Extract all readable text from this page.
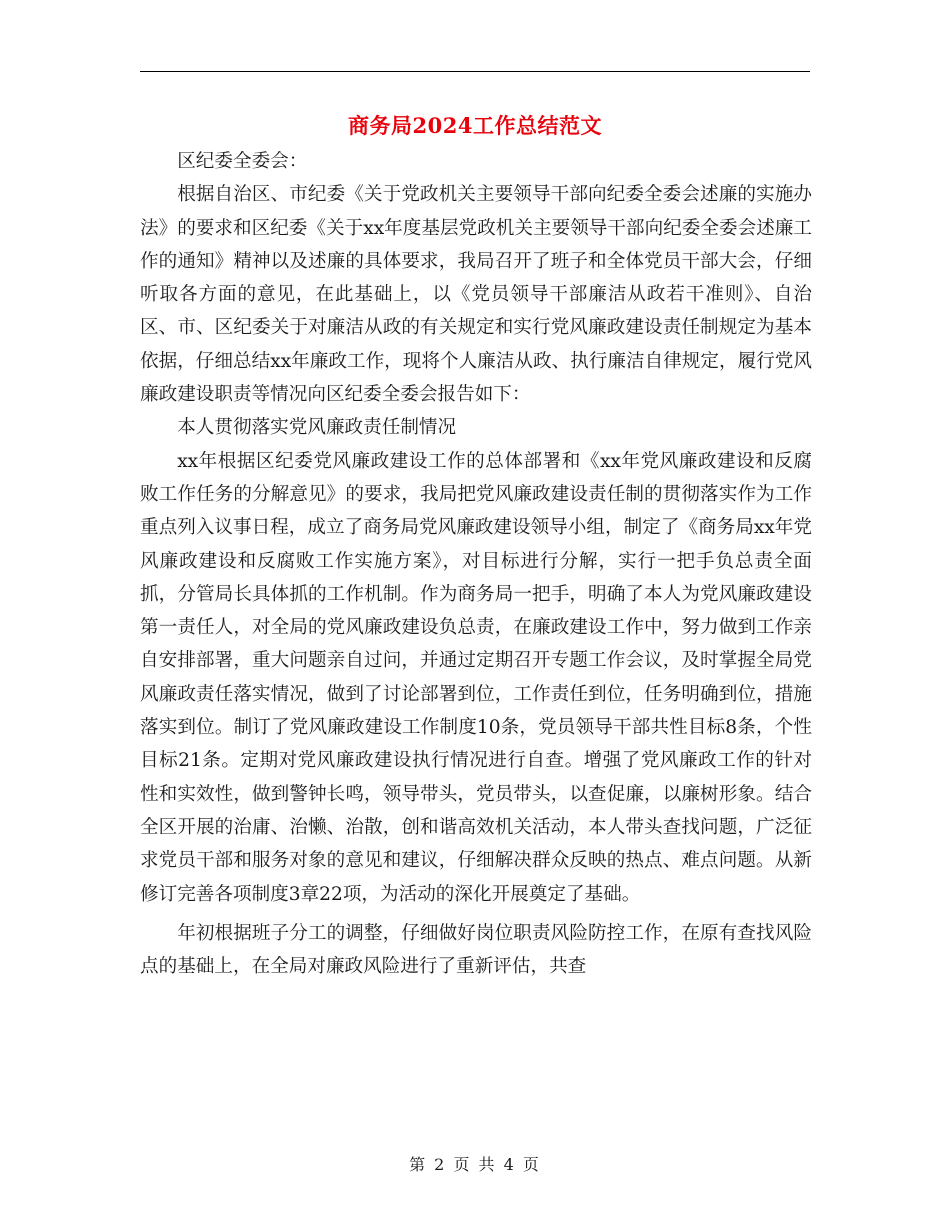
商务局2024工作总结范文

区纪委全委会：

根据自治区、市纪委《关于党政机关主要领导干部向纪委全委会述廉的实施办法》的要求和区纪委《关于xx年度基层党政机关主要领导干部向纪委全委会述廉工作的通知》精神以及述廉的具体要求，我局召开了班子和全体党员干部大会，仔细听取各方面的意见，在此基础上，以《党员领导干部廉洁从政若干准则》、自治区、市、区纪委关于对廉洁从政的有关规定和实行党风廉政建设责任制规定为基本依据，仔细总结xx年廉政工作，现将个人廉洁从政、执行廉洁自律规定，履行党风廉政建设职责等情况向区纪委全委会报告如下：

本人贯彻落实党风廉政责任制情况

xx年根据区纪委党风廉政建设工作的总体部署和《xx年党风廉政建设和反腐败工作任务的分解意见》的要求，我局把党风廉政建设责任制的贯彻落实作为工作重点列入议事日程，成立了商务局党风廉政建设领导小组，制定了《商务局xx年党风廉政建设和反腐败工作实施方案》，对目标进行分解，实行一把手负总责全面抓，分管局长具体抓的工作机制。作为商务局一把手，明确了本人为党风廉政建设第一责任人，对全局的党风廉政建设负总责，在廉政建设工作中，努力做到工作亲自安排部署，重大问题亲自过问，并通过定期召开专题工作会议，及时掌握全局党风廉政责任落实情况，做到了讨论部署到位，工作责任到位，任务明确到位，措施落实到位。制订了党风廉政建设工作制度10条，党员领导干部共性目标8条，个性目标21条。定期对党风廉政建设执行情况进行自查。增强了党风廉政工作的针对性和实效性，做到警钟长鸣，领导带头，党员带头，以查促廉，以廉树形象。结合全区开展的治庸、治懒、治散，创和谐高效机关活动，本人带头查找问题，广泛征求党员干部和服务对象的意见和建议，仔细解决群众反映的热点、难点问题。从新修订完善各项制度3章22项，为活动的深化开展奠定了基础。

年初根据班子分工的调整，仔细做好岗位职责风险防控工作，在原有查找风险点的基础上，在全局对廉政风险进行了重新评估，共查

第 2 页 共 4 页
